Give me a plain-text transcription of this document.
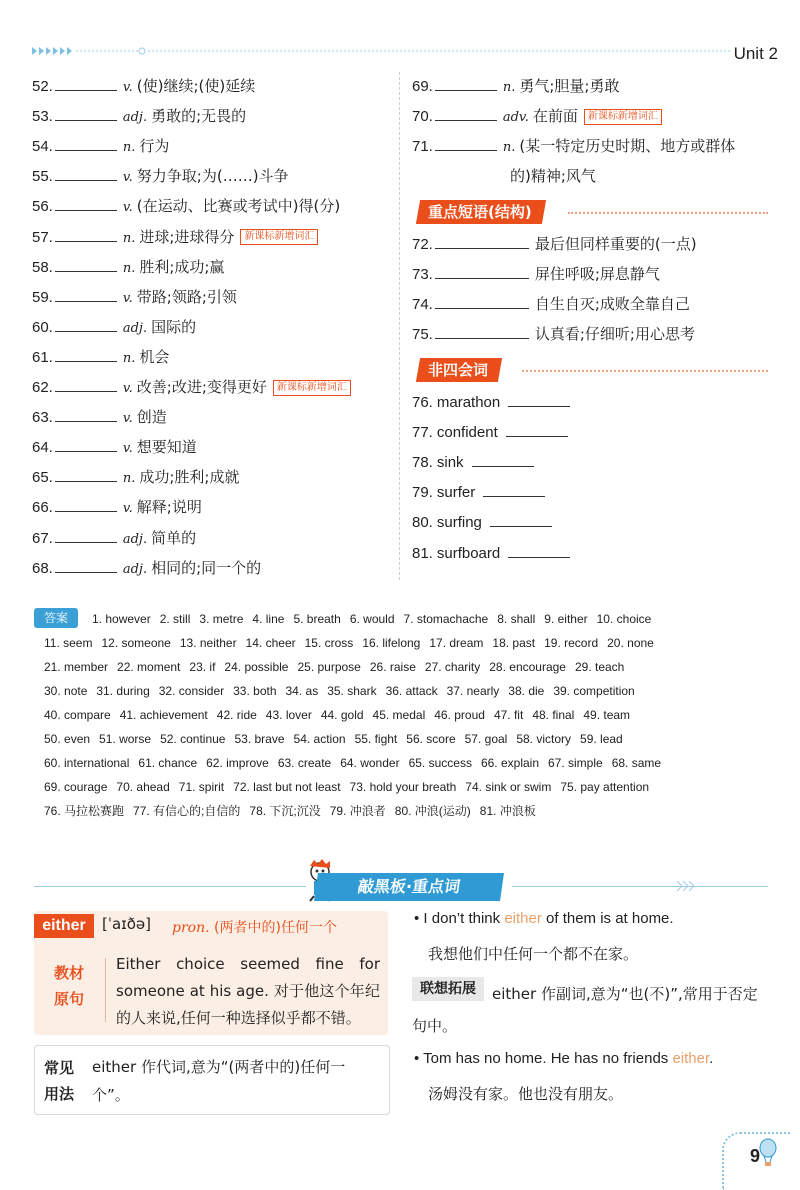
Unit 2
52.	v. (使)继续;(使)延续
53.	adj. 勇敢的;无畏的
54.	n. 行为
55.	v. 努力争取;为(……)斗争
56.	v. (在运动、比赛或考试中)得(分)
57.	n. 进球;进球得分 新课标新增词汇
58.	n. 胜利;成功;赢
59.	v. 带路;领路;引领
60.	adj. 国际的
61.	n. 机会
62.	v. 改善;改进;变得更好 新课标新增词汇
63.	v. 创造
64.	v. 想要知道
65.	n. 成功;胜利;成就
66.	v. 解释;说明
67.	adj. 简单的
68.	adj. 相同的;同一个的
69.	n. 勇气;胆量;勇敢
70.	adv. 在前面 新课标新增词汇
71.	n. (某一特定历史时期、地方或群体
的)精神;风气
重点短语(结构)
72.	最后但同样重要的(一点)
73.	屏住呼吸;屏息静气
74.	自生自灭;成败全靠自己
75.	认真看;仔细听;用心思考
非四会词
76. marathon
77. confident
78. sink
79. surfer
80. surfing
81. surfboard
答案	1. however 2. still 3. metre 4. line 5. breath 6. would 7. stomachache 8. shall 9. either 10. choice
11. seem 12. someone 13. neither 14. cheer 15. cross 16. lifelong 17. dream 18. past 19. record 20. none
21. member 22. moment 23. if 24. possible 25. purpose 26. raise 27. charity 28. encourage 29. teach
30. note 31. during 32. consider 33. both 34. as 35. shark 36. attack 37. nearly 38. die 39. competition
40. compare 41. achievement 42. ride 43. lover 44. gold 45. medal 46. proud 47. fit 48. final 49. team
50. even 51. worse 52. continue 53. brave 54. action 55. fight 56. score 57. goal 58. victory 59. lead
60. international 61. chance 62. improve 63. create 64. wonder 65. success 66. explain 67. simple 68. same
69. courage 70. ahead 71. spirit 72. last but not least 73. hold your breath 74. sink or swim 75. pay attention
76. 马拉松赛跑 77. 有信心的;自信的 78. 下沉;沉没 79. 冲浪者 80. 冲浪(运动) 81. 冲浪板
敲黑板·重点词
either	[ˈaɪðə] pron. (两者中的)任何一个
教材
原句
Either choice seemed fine for someone at his age. 对于他这个年纪的人来说,任何一种选择似乎都不错。
常见
用法
either 作代词,意为“(两者中的)任何一个”。
• I don’t think either of them is at home.
我想他们中任何一个都不在家。
联想拓展	either 作副词,意为“也(不)”,常用于否定句中。
• Tom has no home. He has no friends either.
汤姆没有家。他也没有朋友。
9
